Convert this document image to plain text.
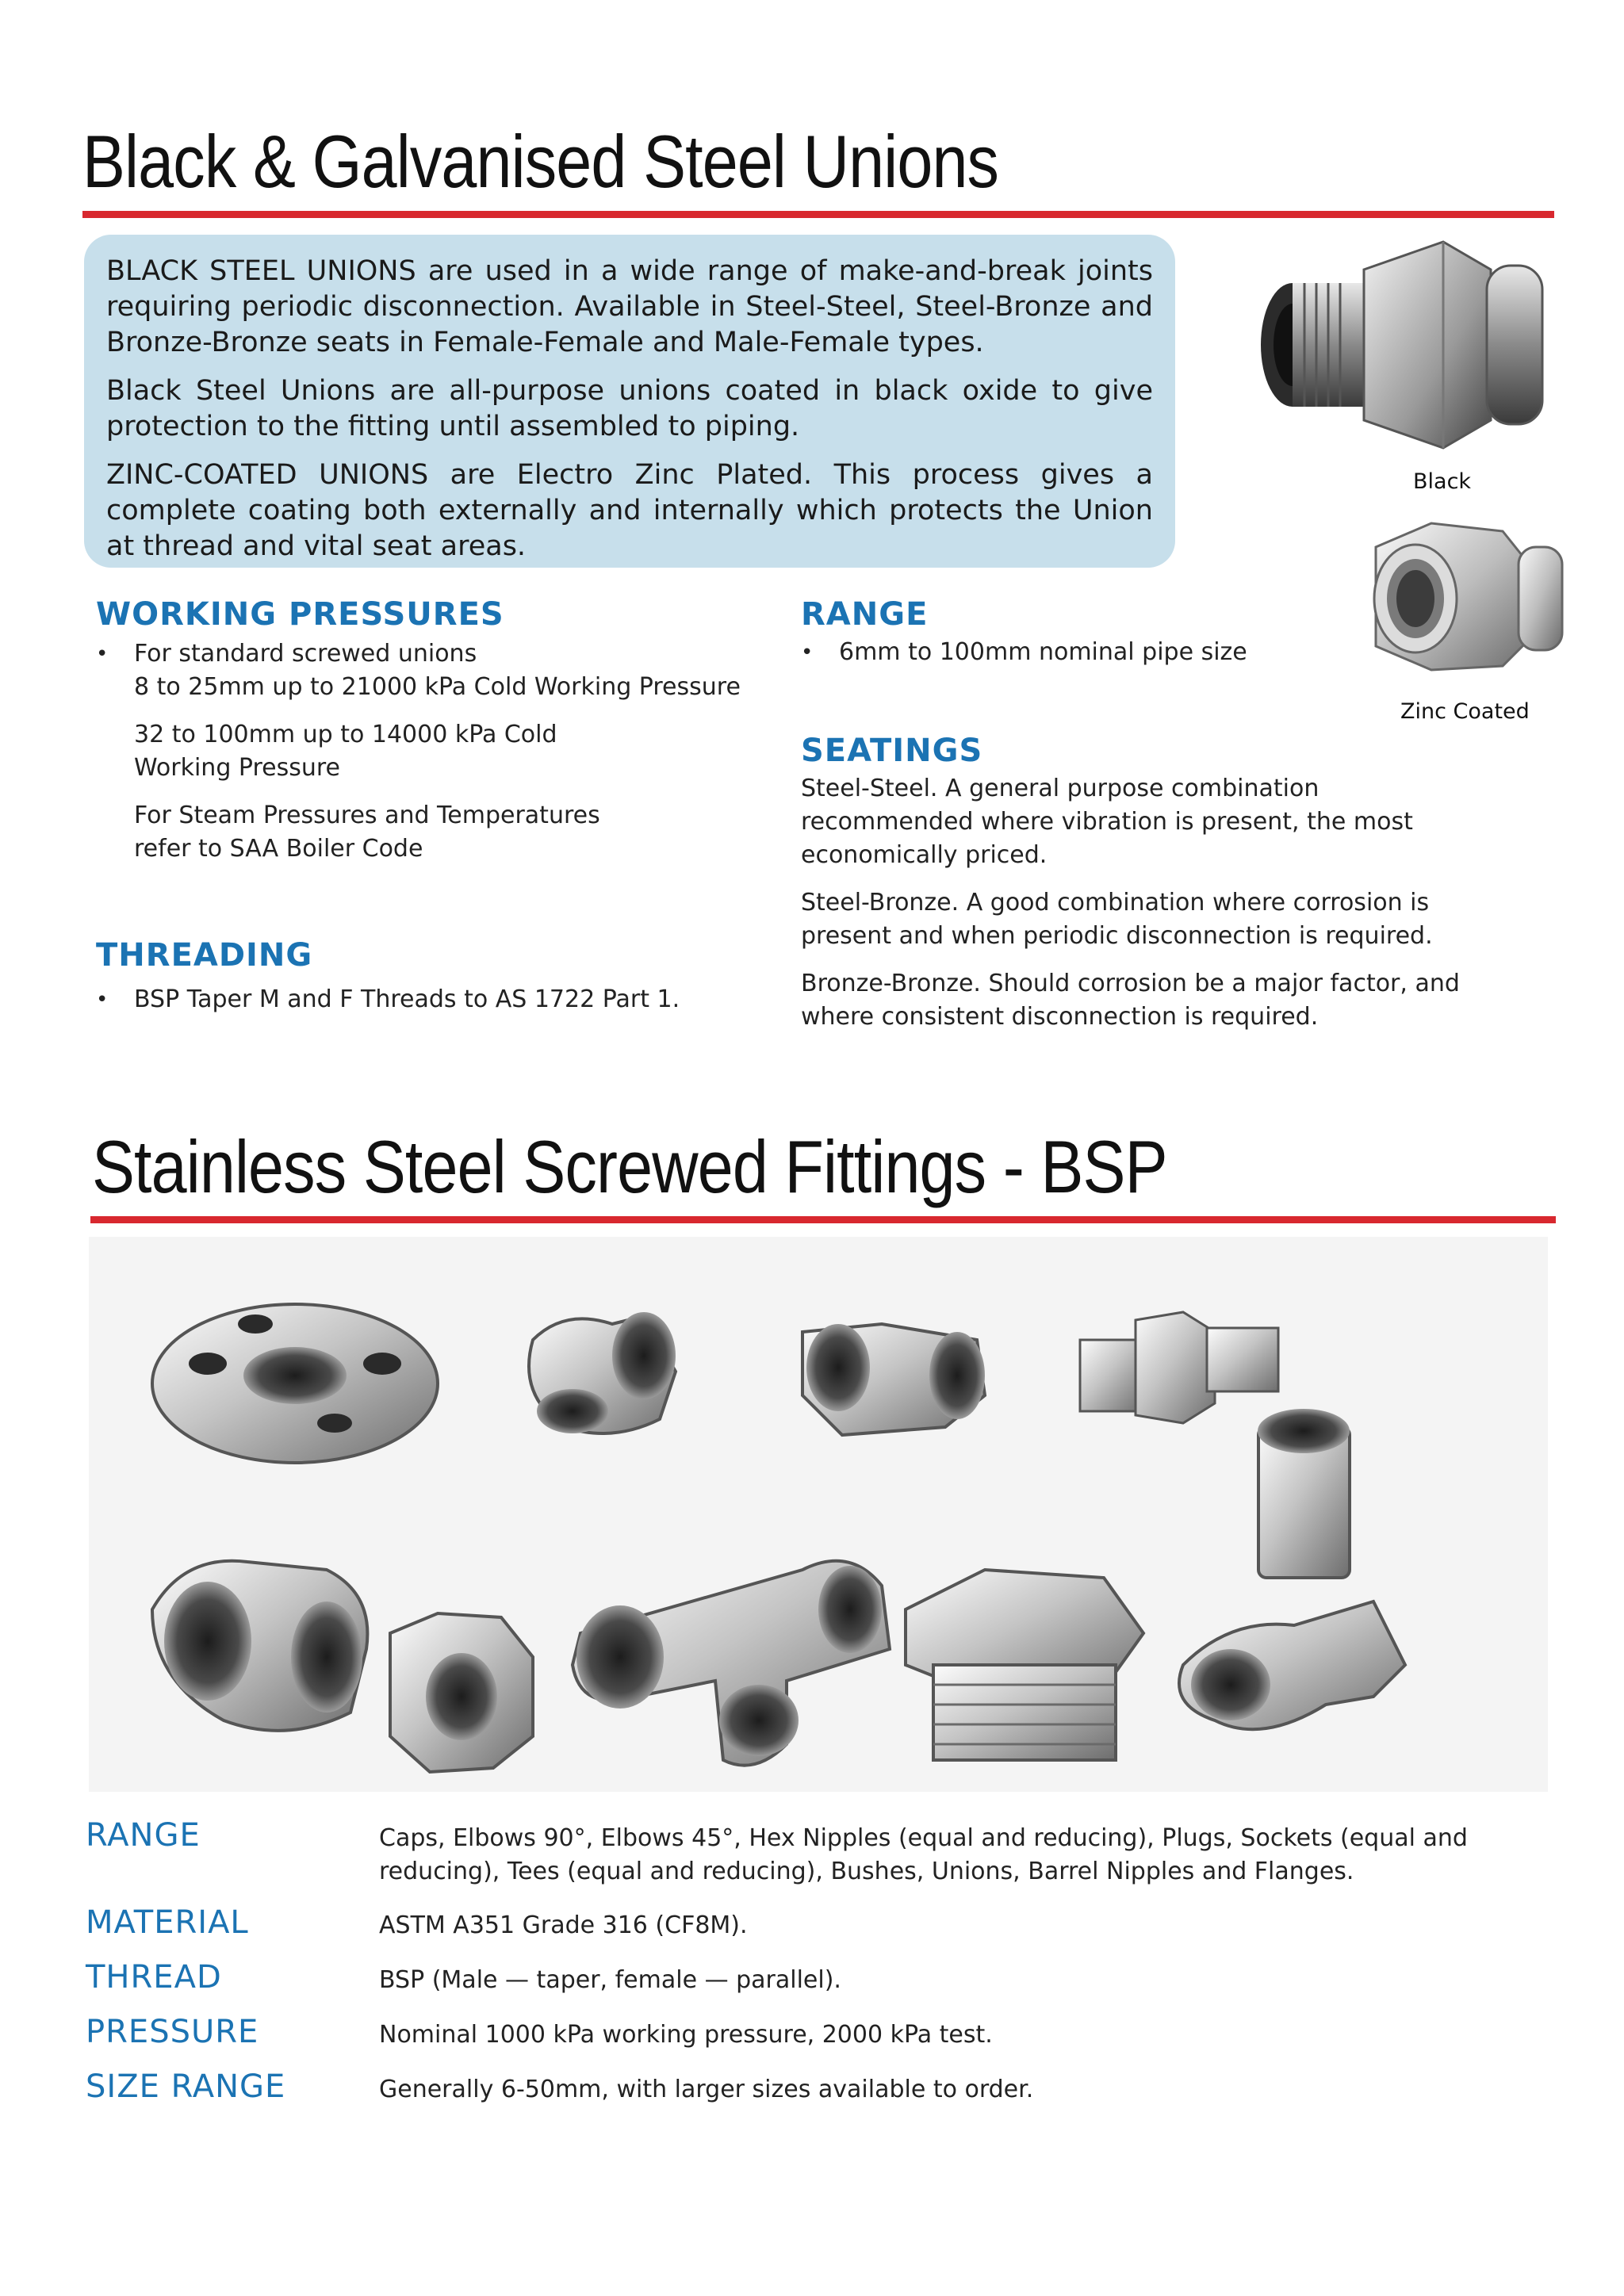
Black & Galvanised Steel Unions

BLACK STEEL UNIONS are used in a wide range of make-and-break joints requiring periodic disconnection. Available in Steel-Steel, Steel-Bronze and Bronze-Bronze seats in Female-Female and Male-Female types.

Black Steel Unions are all-purpose unions coated in black oxide to give protection to the fitting until assembled to piping.

ZINC-COATED UNIONS are Electro Zinc Plated. This process gives a complete coating both externally and internally which protects the Union at thread and vital seat areas.

Black
Zinc Coated
WORKING PRESSURES
• For standard screwed unions
8 to 25mm up to 21000 kPa Cold Working Pressure
32 to 100mm up to 14000 kPa Cold Working Pressure
For Steam Pressures and Temperatures refer to SAA Boiler Code
THREADING
• BSP Taper M and F Threads to AS 1722 Part 1.
RANGE
• 6mm to 100mm nominal pipe size
SEATINGS

Steel-Steel. A general purpose combination recommended where vibration is present, the most economically priced.

Steel-Bronze. A good combination where corrosion is present and when periodic disconnection is required.

Bronze-Bronze. Should corrosion be a major factor, and where consistent disconnection is required.

Stainless Steel Screwed Fittings - BSP
RANGE	Caps, Elbows 90°, Elbows 45°, Hex Nipples (equal and reducing), Plugs, Sockets (equal and reducing), Tees (equal and reducing), Bushes, Unions, Barrel Nipples and Flanges.
MATERIAL	ASTM A351 Grade 316 (CF8M).
THREAD	BSP (Male — taper, female — parallel).
PRESSURE	Nominal 1000 kPa working pressure, 2000 kPa test.
SIZE RANGE	Generally 6-50mm, with larger sizes available to order.
